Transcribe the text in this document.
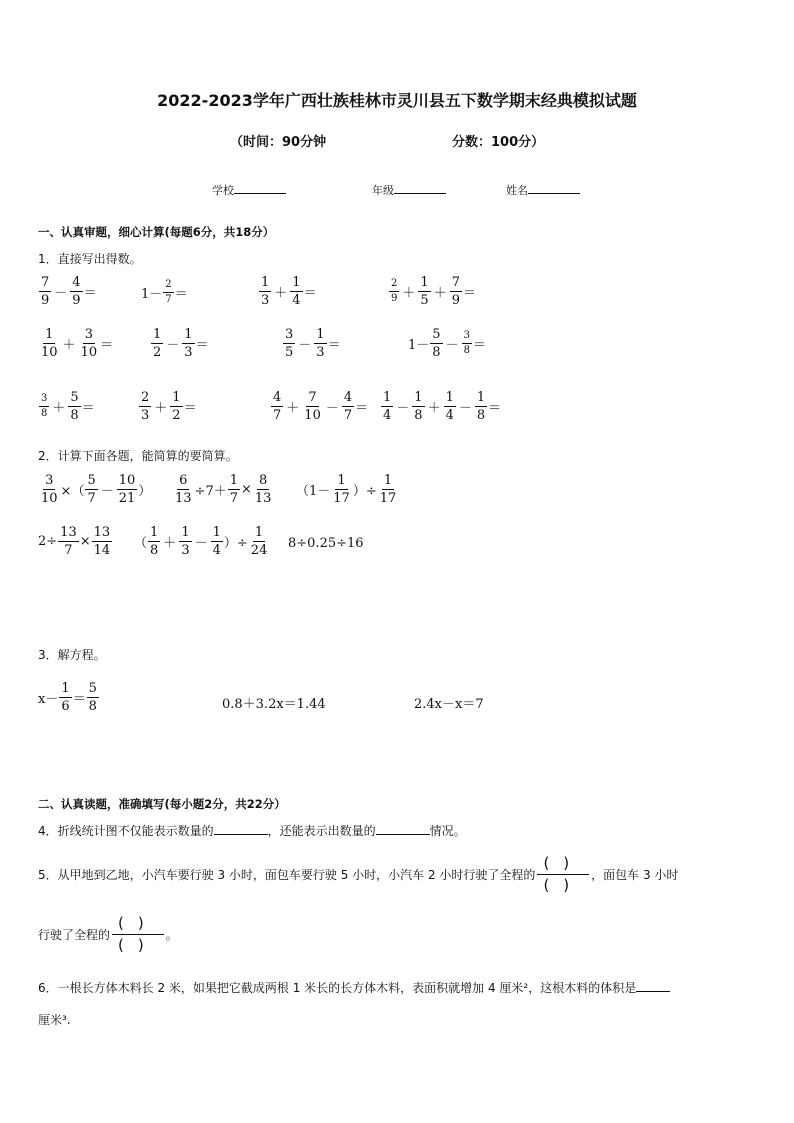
2022-2023学年广西壮族桂林市灵川县五下数学期末经典模拟试题
（时间：90分钟	分数：100分）
学校	年级	姓名
一、认真审题，细心计算(每题6分，共18分）
1．直接写出得数。
$\frac{7}{9} - \frac{4}{9}$ ＝	$1- \frac{2}{7}$ ＝	$\frac{1}{3} + \frac{1}{4}$ ＝	$\frac{2}{9} + \frac{1}{5} + \frac{7}{9}$ ＝
$\frac{1}{10} + \frac{3}{10}$ ＝	$\frac{1}{2} - \frac{1}{3}$ ＝	$\frac{3}{5} - \frac{1}{3}$ ＝	$1- \frac{5}{8} - \frac{3}{8}$ ＝
$\frac{3}{8} + \frac{5}{8}$ ＝	$\frac{2}{3} + \frac{1}{2}$ ＝	$\frac{4}{7} + \frac{7}{10} - \frac{4}{7} = \frac{1}{4} - \frac{1}{8} + \frac{1}{4} - \frac{1}{8}$ ＝
2．计算下面各题，能简算的要简算。
$\frac{3}{10}$ ×（ $\frac{5}{7} - \frac{10}{21}$ ） $\frac{6}{13} \div 7+ \frac{1}{7} \times \frac{8}{13} (1- \frac{1}{17}$ ）÷ $\frac{1}{17}$
$2\div \frac{13}{7} \times \frac{13}{14}$ （ $\frac{1}{8} + \frac{1}{3} - \frac{1}{4}$ ）÷ $\frac{1}{24} 8\div 0.25\div 16$
3．解方程。
$x- \frac{1}{6} = \frac{5}{8}$	0.8＋3.2x＝1.44	2.4x－x＝7
二、认真读题，准确填写(每小题2分，共22分）
4．折线统计图不仅能表示数量的	，还能表示出数量的	情况。
5．从甲地到乙地，小汽车要行驶 3 小时，面包车要行驶 5 小时，小汽车 2 小时行驶了全程的 $\frac{()}{()}$ ，面包车 3 小时
行驶了全程的 $\frac{()}{()}$ 。
6．一根长方体木料长 2 米，如果把它截成两根 1 米长的长方体木料，表面积就增加 4 厘米²，这根木料的体积是
厘米³.
